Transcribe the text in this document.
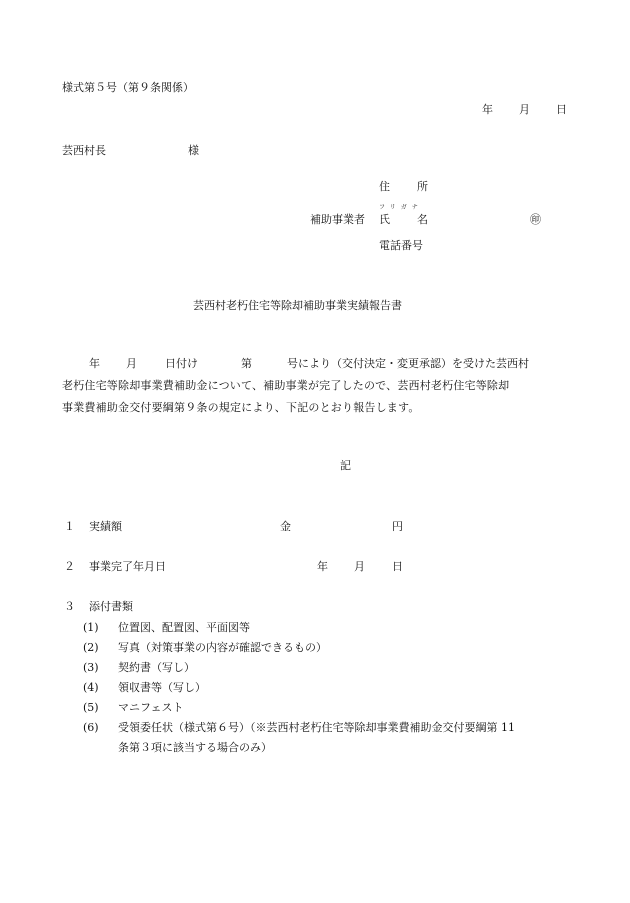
様式第５号（第９条関係）
年 月 日
芸西村長	様
住 所
フリガナ
補助事業者 氏 名	㊞
電話番号
芸西村老朽住宅等除却補助事業実績報告書
年 月	日付け	第	号により（交付決定・変更承認）を受けた芸西村
老朽住宅等除却事業費補助金について、補助事業が完了したので、芸西村老朽住宅等除却
事業費補助金交付要綱第９条の規定により、下記のとおり報告します。
記
１ 実績額	金	円
２ 事業完了年月日	年 月 日
３ 添付書類
(1) 位置図、配置図、平面図等
(2) 写真（対策事業の内容が確認できるもの）
(3) 契約書（写し）
(4) 領収書等（写し）
(5) マニフェスト
(6) 受領委任状（様式第６号）（※芸西村老朽住宅等除却事業費補助金交付要綱第 11
条第３項に該当する場合のみ）
